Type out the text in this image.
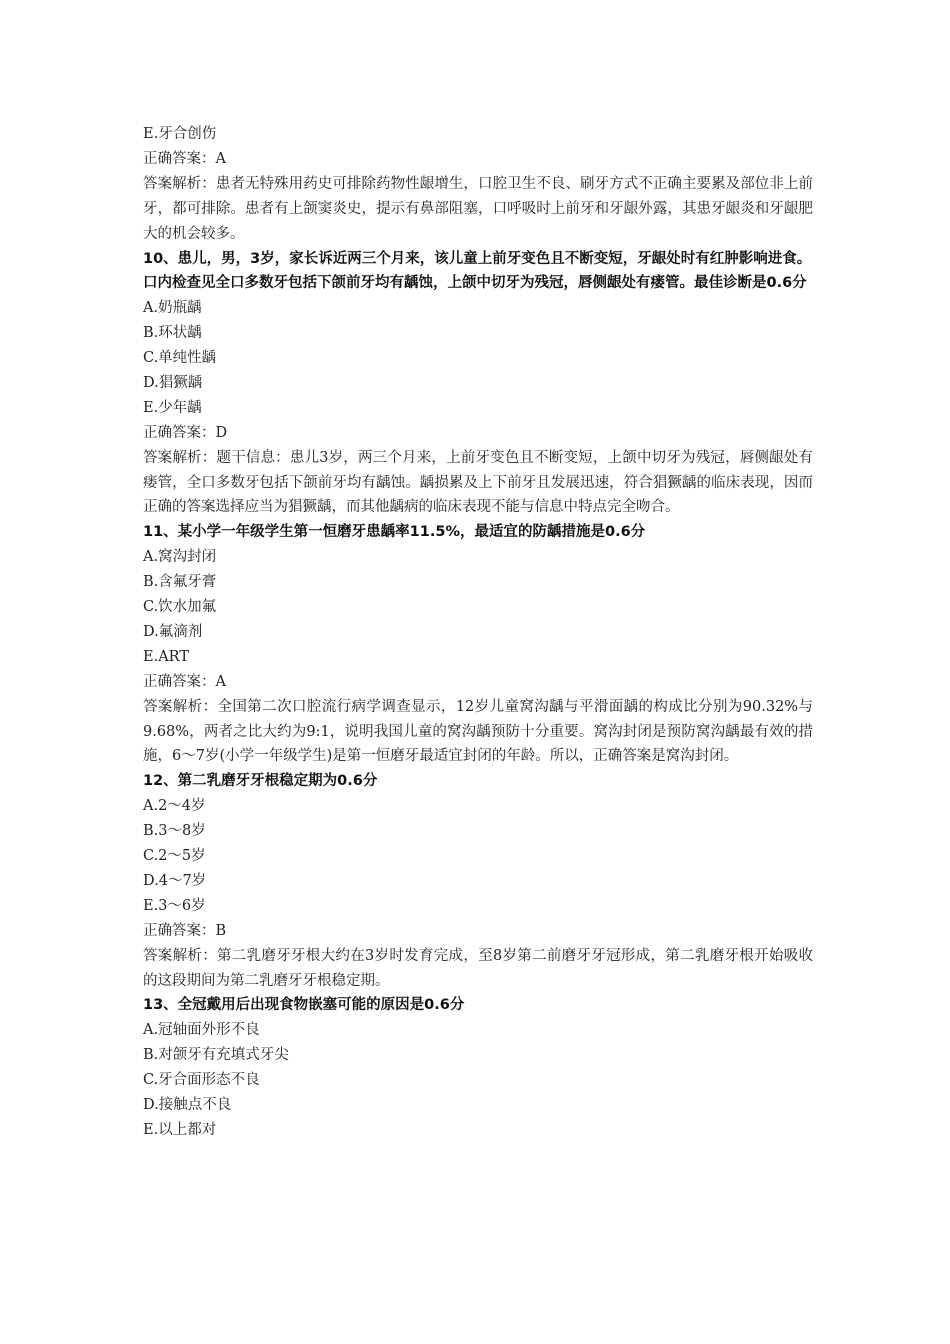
E.牙合创伤
正确答案：A
答案解析：患者无特殊用药史可排除药物性龈增生，口腔卫生不良、刷牙方式不正确主要累及部位非上前牙，都可排除。患者有上颌窦炎史，提示有鼻部阻塞，口呼吸时上前牙和牙龈外露，其患牙龈炎和牙龈肥大的机会较多。
10、患儿，男，3岁，家长诉近两三个月来，该儿童上前牙变色且不断变短，牙龈处时有红肿影响进食。口内检查见全口多数牙包括下颌前牙均有龋蚀，上颌中切牙为残冠，唇侧龈处有瘘管。最佳诊断是0.6分
A.奶瓶龋
B.环状龋
C.单纯性龋
D.猖獗龋
E.少年龋
正确答案：D
答案解析：题干信息：患儿3岁，两三个月来，上前牙变色且不断变短，上颌中切牙为残冠，唇侧龈处有瘘管，全口多数牙包括下颌前牙均有龋蚀。龋损累及上下前牙且发展迅速，符合猖獗龋的临床表现，因而正确的答案选择应当为猖獗龋，而其他龋病的临床表现不能与信息中特点完全吻合。
11、某小学一年级学生第一恒磨牙患龋率11.5%，最适宜的防龋措施是0.6分
A.窝沟封闭
B.含氟牙膏
C.饮水加氟
D.氟滴剂
E.ART
正确答案：A
答案解析：全国第二次口腔流行病学调查显示，12岁儿童窝沟龋与平滑面龋的构成比分别为90.32%与9.68%，两者之比大约为9:1，说明我国儿童的窝沟龋预防十分重要。窝沟封闭是预防窝沟龋最有效的措施，6～7岁(小学一年级学生)是第一恒磨牙最适宜封闭的年龄。所以，正确答案是窝沟封闭。
12、第二乳磨牙牙根稳定期为0.6分
A.2～4岁
B.3～8岁
C.2～5岁
D.4～7岁
E.3～6岁
正确答案：B
答案解析：第二乳磨牙牙根大约在3岁时发育完成，至8岁第二前磨牙牙冠形成，第二乳磨牙根开始吸收的这段期间为第二乳磨牙牙根稳定期。
13、全冠戴用后出现食物嵌塞可能的原因是0.6分
A.冠轴面外形不良
B.对颌牙有充填式牙尖
C.牙合面形态不良
D.接触点不良
E.以上都对
